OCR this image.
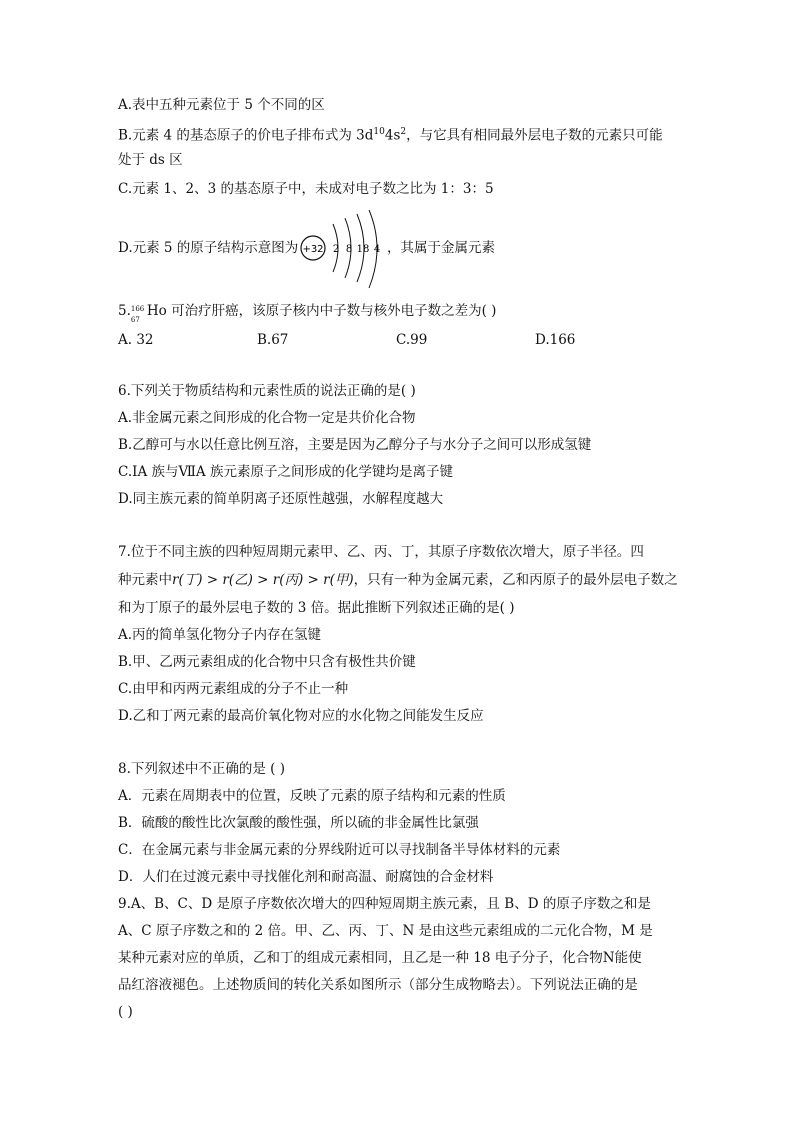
A.表中五种元素位于 5 个不同的区
B.元素 4 的基态原子的价电子排布式为 $3d^{10}4s^2$，与它具有相同最外层电子数的元素只可能
处于 ds 区
C.元素 1、2、3 的基态原子中，未成对电子数之比为 1：3：5
D.元素 5 的原子结构示意图为	，其属于金属元素
+32 2 8 18 4
5. 166
67
Ho 可治疗肝癌，该原子核内中子数与核外电子数之差为( )
A. 32	B.67	C.99	D.166
6.下列关于物质结构和元素性质的说法正确的是( )
A.非金属元素之间形成的化合物一定是共价化合物
B.乙醇可与水以任意比例互溶，主要是因为乙醇分子与水分子之间可以形成氢键
C.ⅠA 族与ⅦA 族元素原子之间形成的化学键均是离子键
D.同主族元素的简单阴离子还原性越强，水解程度越大
7.位于不同主族的四种短周期元素甲、乙、丙、丁，其原子序数依次增大，原子半径。四
种元素中r(丁) > r(乙) > r(丙) > r(甲)，只有一种为金属元素，乙和丙原子的最外层电子数之
和为丁原子的最外层电子数的 3 倍。据此推断下列叙述正确的是( )
A.丙的简单氢化物分子内存在氢键
B.甲、乙两元素组成的化合物中只含有极性共价键
C.由甲和丙两元素组成的分子不止一种
D.乙和丁两元素的最高价氧化物对应的水化物之间能发生反应
8.下列叙述中不正确的是 ( )
A．元素在周期表中的位置，反映了元素的原子结构和元素的性质
B．硫酸的酸性比次氯酸的酸性强，所以硫的非金属性比氯强
C．在金属元素与非金属元素的分界线附近可以寻找制备半导体材料的元素
D．人们在过渡元素中寻找催化剂和耐高温、耐腐蚀的合金材料
9.A、B、C、D 是原子序数依次增大的四种短周期主族元素，且 B、D 的原子序数之和是
A、C 原子序数之和的 2 倍。甲、乙、丙、丁、N 是由这些元素组成的二元化合物，M 是
某种元素对应的单质，乙和丁的组成元素相同，且乙是一种 18 电子分子，化合物N能使
品红溶液褪色。上述物质间的转化关系如图所示（部分生成物略去）。下列说法正确的是
( )
